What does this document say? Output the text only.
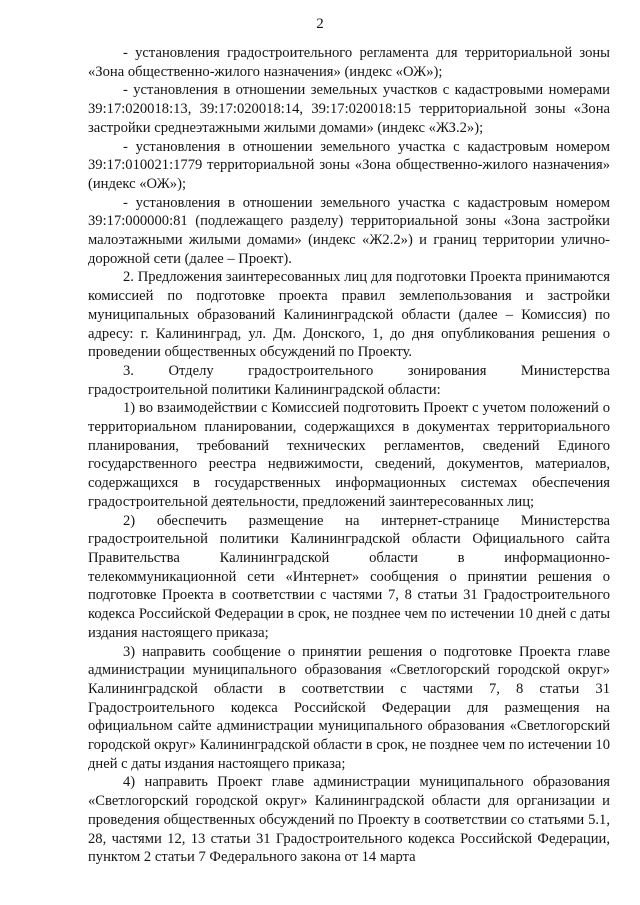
2

- установления градостроительного регламента для территориальной зоны «Зона общественно-жилого назначения» (индекс «ОЖ»);

- установления в отношении земельных участков с кадастровыми номерами 39:17:020018:13, 39:17:020018:14, 39:17:020018:15 территориальной зоны «Зона застройки среднеэтажными жилыми домами» (индекс «ЖЗ.2»);

- установления в отношении земельного участка с кадастровым номером 39:17:010021:1779 территориальной зоны «Зона общественно-жилого назначения» (индекс «ОЖ»);

- установления в отношении земельного участка с кадастровым номером 39:17:000000:81 (подлежащего разделу) территориальной зоны «Зона застройки малоэтажными жилыми домами» (индекс «Ж2.2») и границ территории улично-дорожной сети (далее – Проект).

2. Предложения заинтересованных лиц для подготовки Проекта принимаются комиссией по подготовке проекта правил землепользования и застройки муниципальных образований Калининградской области (далее – Комиссия) по адресу: г. Калининград, ул. Дм. Донского, 1, до дня опубликования решения о проведении общественных обсуждений по Проекту.

3. Отделу градостроительного зонирования Министерства градостроительной политики Калининградской области:

1) во взаимодействии с Комиссией подготовить Проект с учетом положений о территориальном планировании, содержащихся в документах территориального планирования, требований технических регламентов, сведений Единого государственного реестра недвижимости, сведений, документов, материалов, содержащихся в государственных информационных системах обеспечения градостроительной деятельности, предложений заинтересованных лиц;

2) обеспечить размещение на интернет-странице Министерства градостроительной политики Калининградской области Официального сайта Правительства Калининградской области в информационно-телекоммуникационной сети «Интернет» сообщения о принятии решения о подготовке Проекта в соответствии с частями 7, 8 статьи 31 Градостроительного кодекса Российской Федерации в срок, не позднее чем по истечении 10 дней с даты издания настоящего приказа;

3) направить сообщение о принятии решения о подготовке Проекта главе администрации муниципального образования «Светлогорский городской округ» Калининградской области в соответствии с частями 7, 8 статьи 31 Градостроительного кодекса Российской Федерации для размещения на официальном сайте администрации муниципального образования «Светлогорский городской округ» Калининградской области в срок, не позднее чем по истечении 10 дней с даты издания настоящего приказа;

4) направить Проект главе администрации муниципального образования «Светлогорский городской округ» Калининградской области для организации и проведения общественных обсуждений по Проекту в соответствии со статьями 5.1, 28, частями 12, 13 статьи 31 Градостроительного кодекса Российской Федерации, пунктом 2 статьи 7 Федерального закона от 14 марта
